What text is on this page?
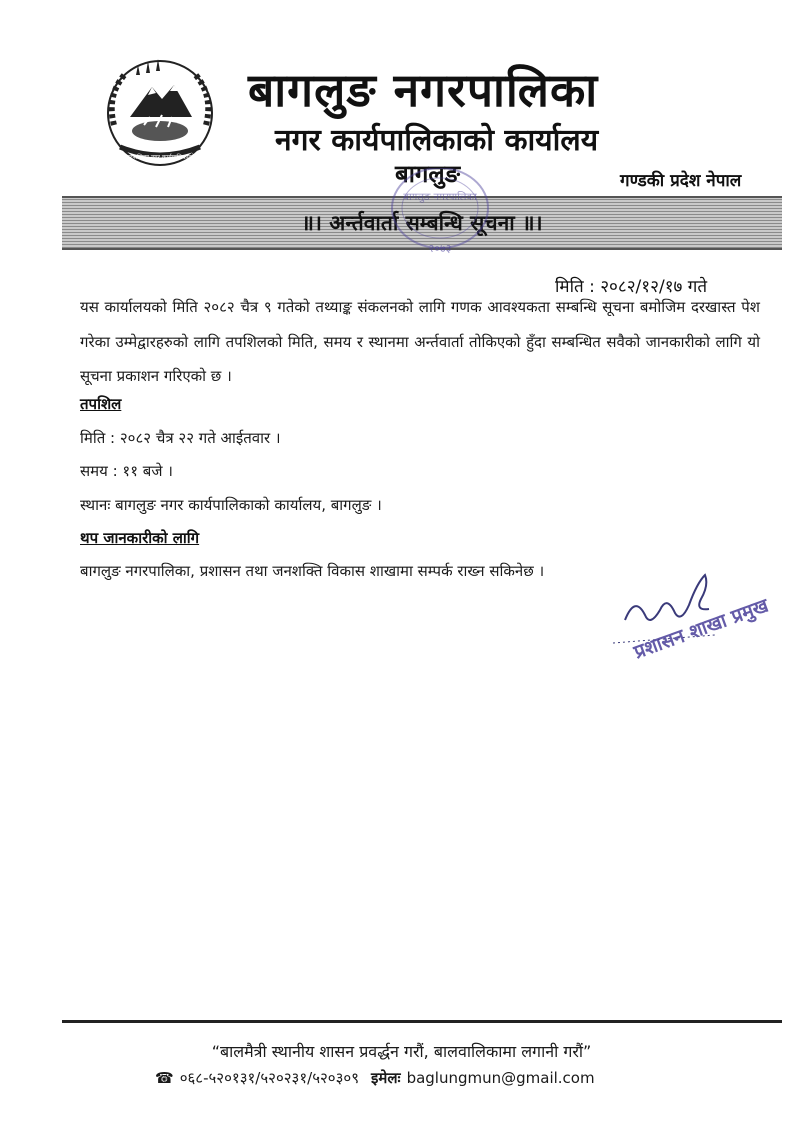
बागलुङ नगरपालिका नगर कार्यपालिकाको कार्यालय
बागलुङ नगरपालिका
नगर कार्यपालिकाको कार्यालय
बागलुङ	गण्डकी प्रदेश नेपाल
॥। अर्न्तवार्ता सम्बन्धि सूचना ॥।
बागलुङ नगरपालिका
२०७३
मिति : २०८२/१२/१७ गते
यस कार्यालयको मिति २०८२ चैत्र ९ गतेको तथ्याङ्क संकलनको लागि गणक आवश्यकता सम्बन्धि सूचना बमोजिम दरखास्त पेश गरेका उम्मेद्वारहरुको लागि तपशिलको मिति, समय र स्थानमा अर्न्तवार्ता तोकिएको हुँदा सम्बन्धित सवैको जानकारीको लागि यो सूचना प्रकाशन गरिएको छ ।
तपशिल
मिति : २०८२ चैत्र २२ गते आईतवार ।
समय : ११ बजे ।
स्थानः बागलुङ नगर कार्यपालिकाको कार्यालय, बागलुङ ।
थप जानकारीको लागि
बागलुङ नगरपालिका, प्रशासन तथा जनशक्ति विकास शाखामा सम्पर्क राख्न सकिनेछ ।
प्रशासन शाखा प्रमुख
“बालमैत्री स्थानीय शासन प्रवर्द्धन गरौं, बालवालिकामा लगानी गरौं”
☎ ०६८-५२०१३१/५२०२३१/५२०३०९ इमेलः baglungmun@gmail.com
